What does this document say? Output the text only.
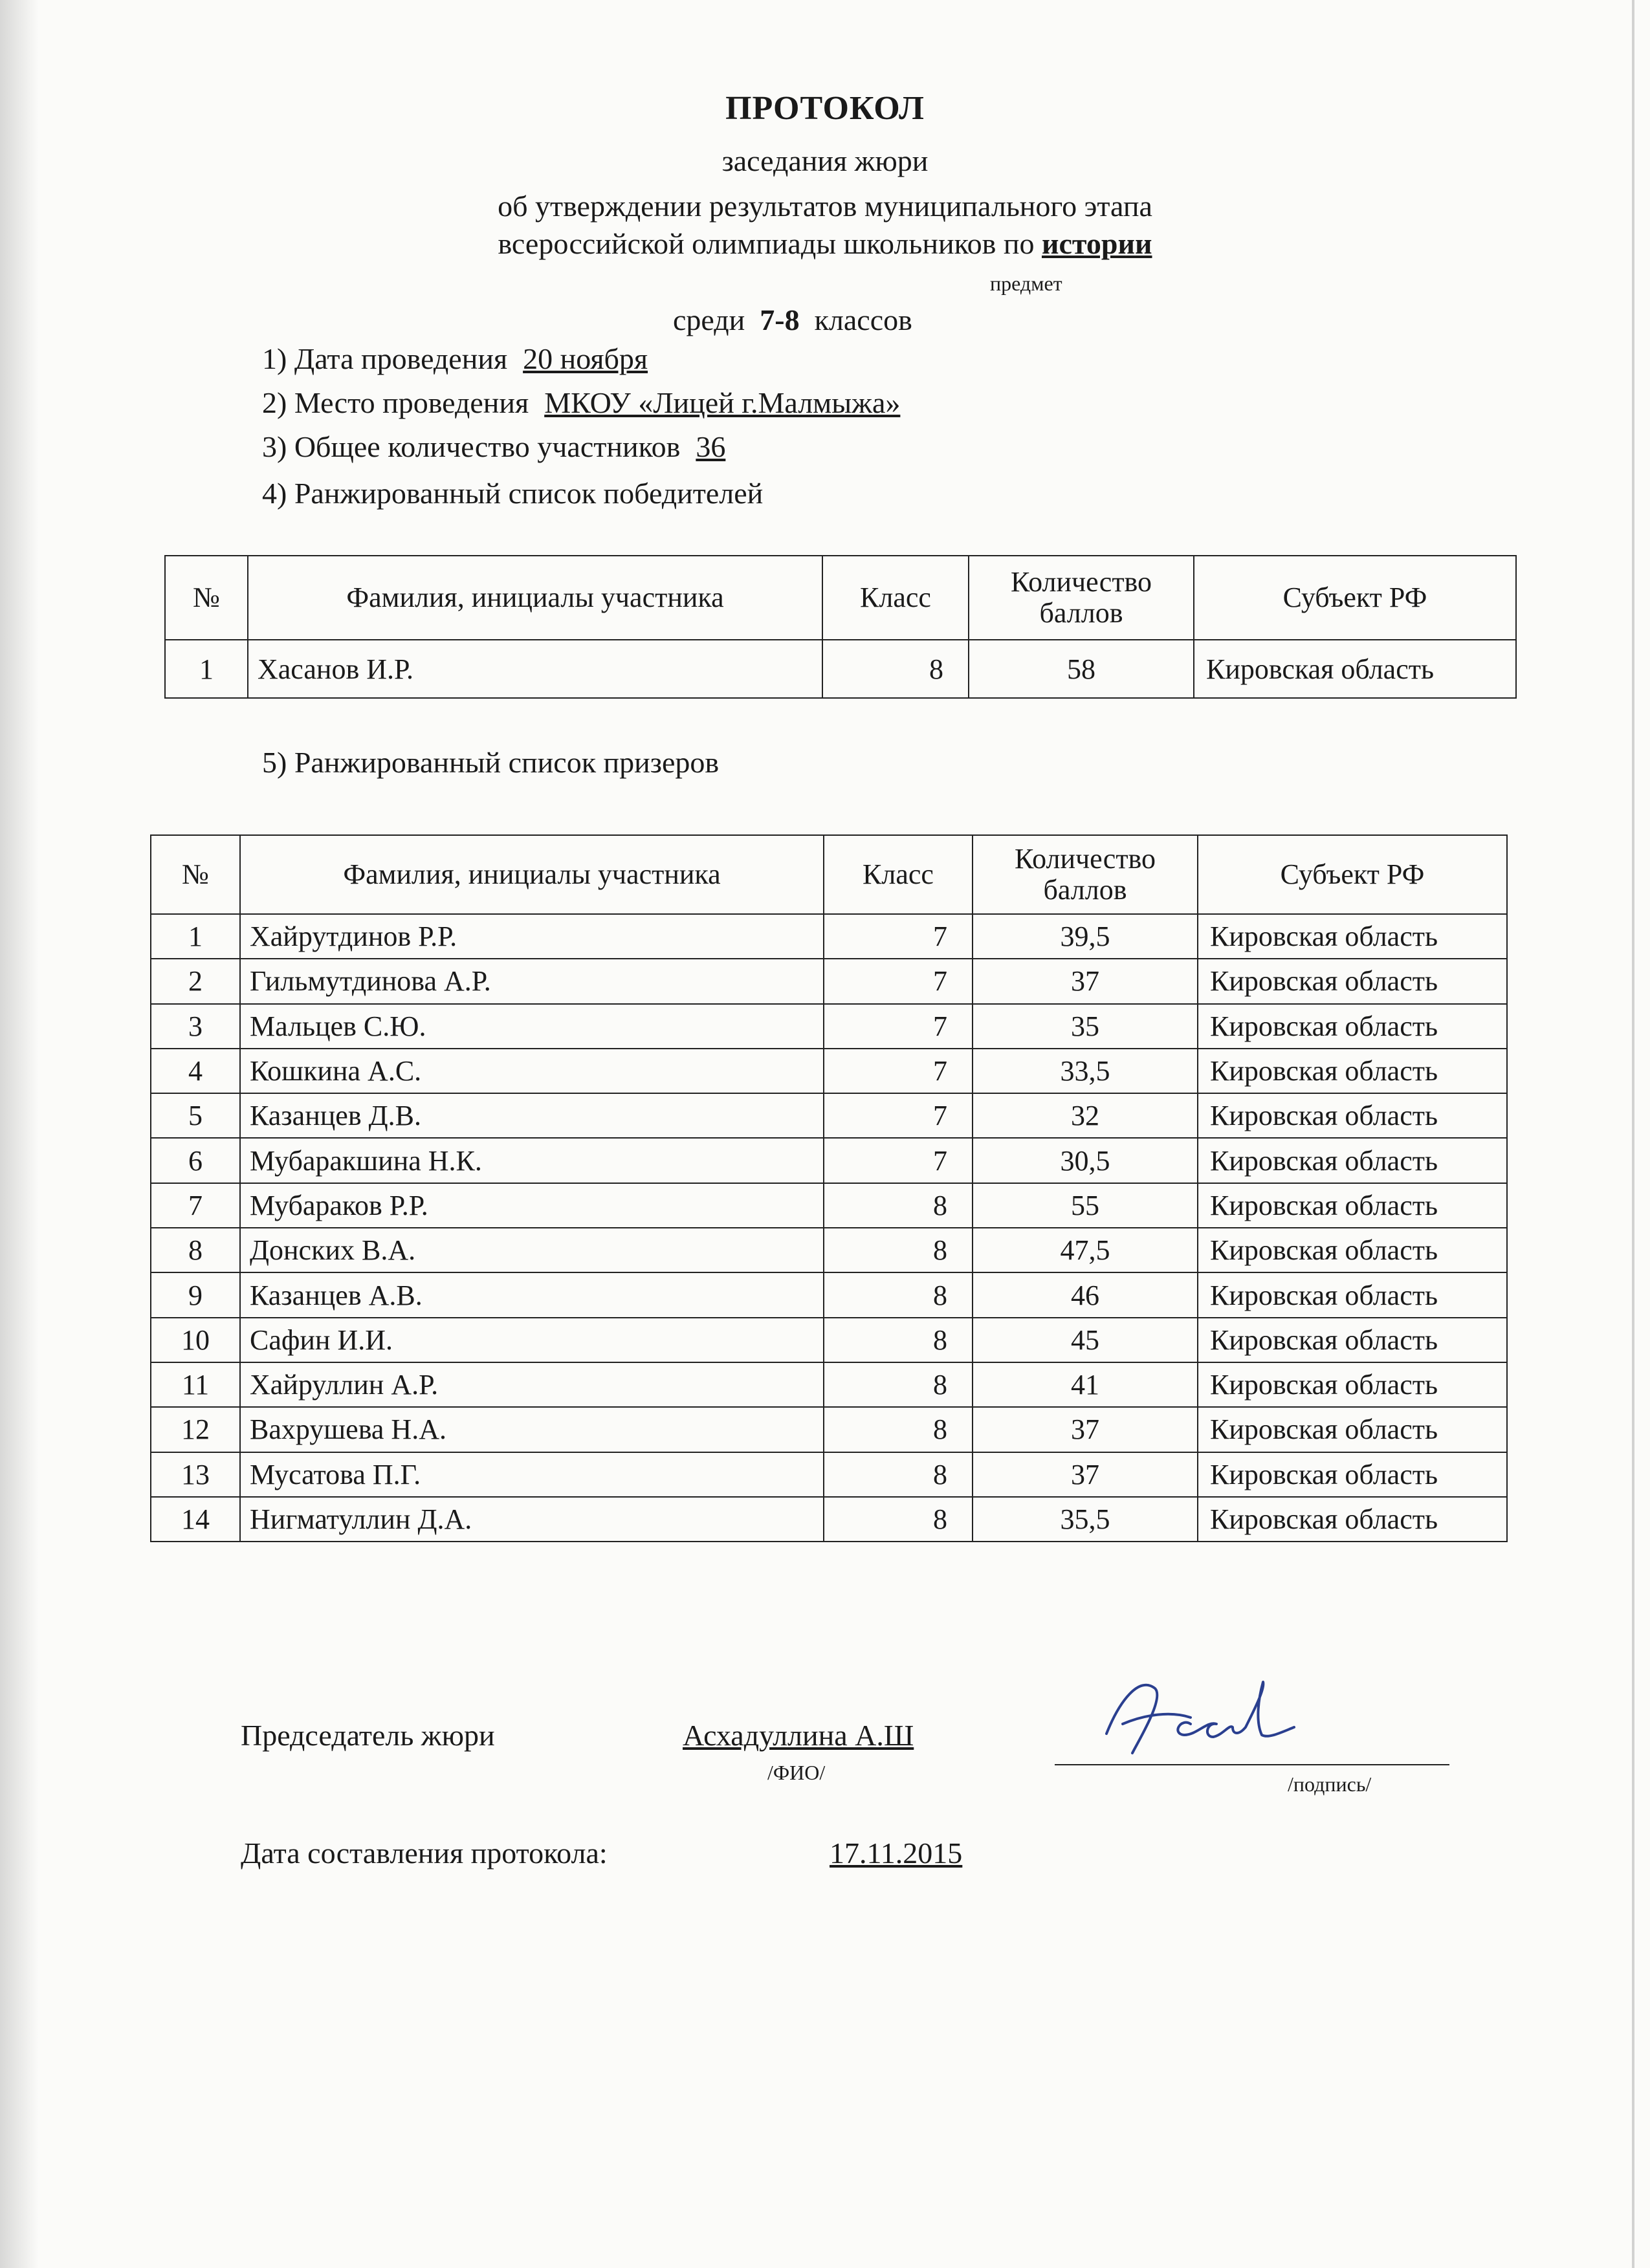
ПРОТОКОЛ
заседания жюри
об утверждении результатов муниципального этапа
всероссийской олимпиады школьников по истории
предмет
среди 7-8 классов
1) Дата проведения 20 ноября
2) Место проведения МКОУ «Лицей г.Малмыжа»
3) Общее количество участников 36
4) Ранжированный список победителей
№	Фамилия, инициалы участника	Класс	Количество баллов	Субъект РФ
1	Хасанов И.Р.	8	58	Кировская область
5) Ранжированный список призеров
№	Фамилия, инициалы участника	Класс	Количество баллов	Субъект РФ
1	Хайрутдинов Р.Р.	7	39,5	Кировская область
2	Гильмутдинова А.Р.	7	37	Кировская область
3	Мальцев С.Ю.	7	35	Кировская область
4	Кошкина А.С.	7	33,5	Кировская область
5	Казанцев Д.В.	7	32	Кировская область
6	Мубаракшина Н.К.	7	30,5	Кировская область
7	Мубараков Р.Р.	8	55	Кировская область
8	Донских В.А.	8	47,5	Кировская область
9	Казанцев А.В.	8	46	Кировская область
10	Сафин И.И.	8	45	Кировская область
11	Хайруллин А.Р.	8	41	Кировская область
12	Вахрушева Н.А.	8	37	Кировская область
13	Мусатова П.Г.	8	37	Кировская область
14	Нигматуллин Д.А.	8	35,5	Кировская область
Председатель жюри	Асхадуллина А.Ш
/ФИО/	/подпись/
Дата составления протокола:	17.11.2015
